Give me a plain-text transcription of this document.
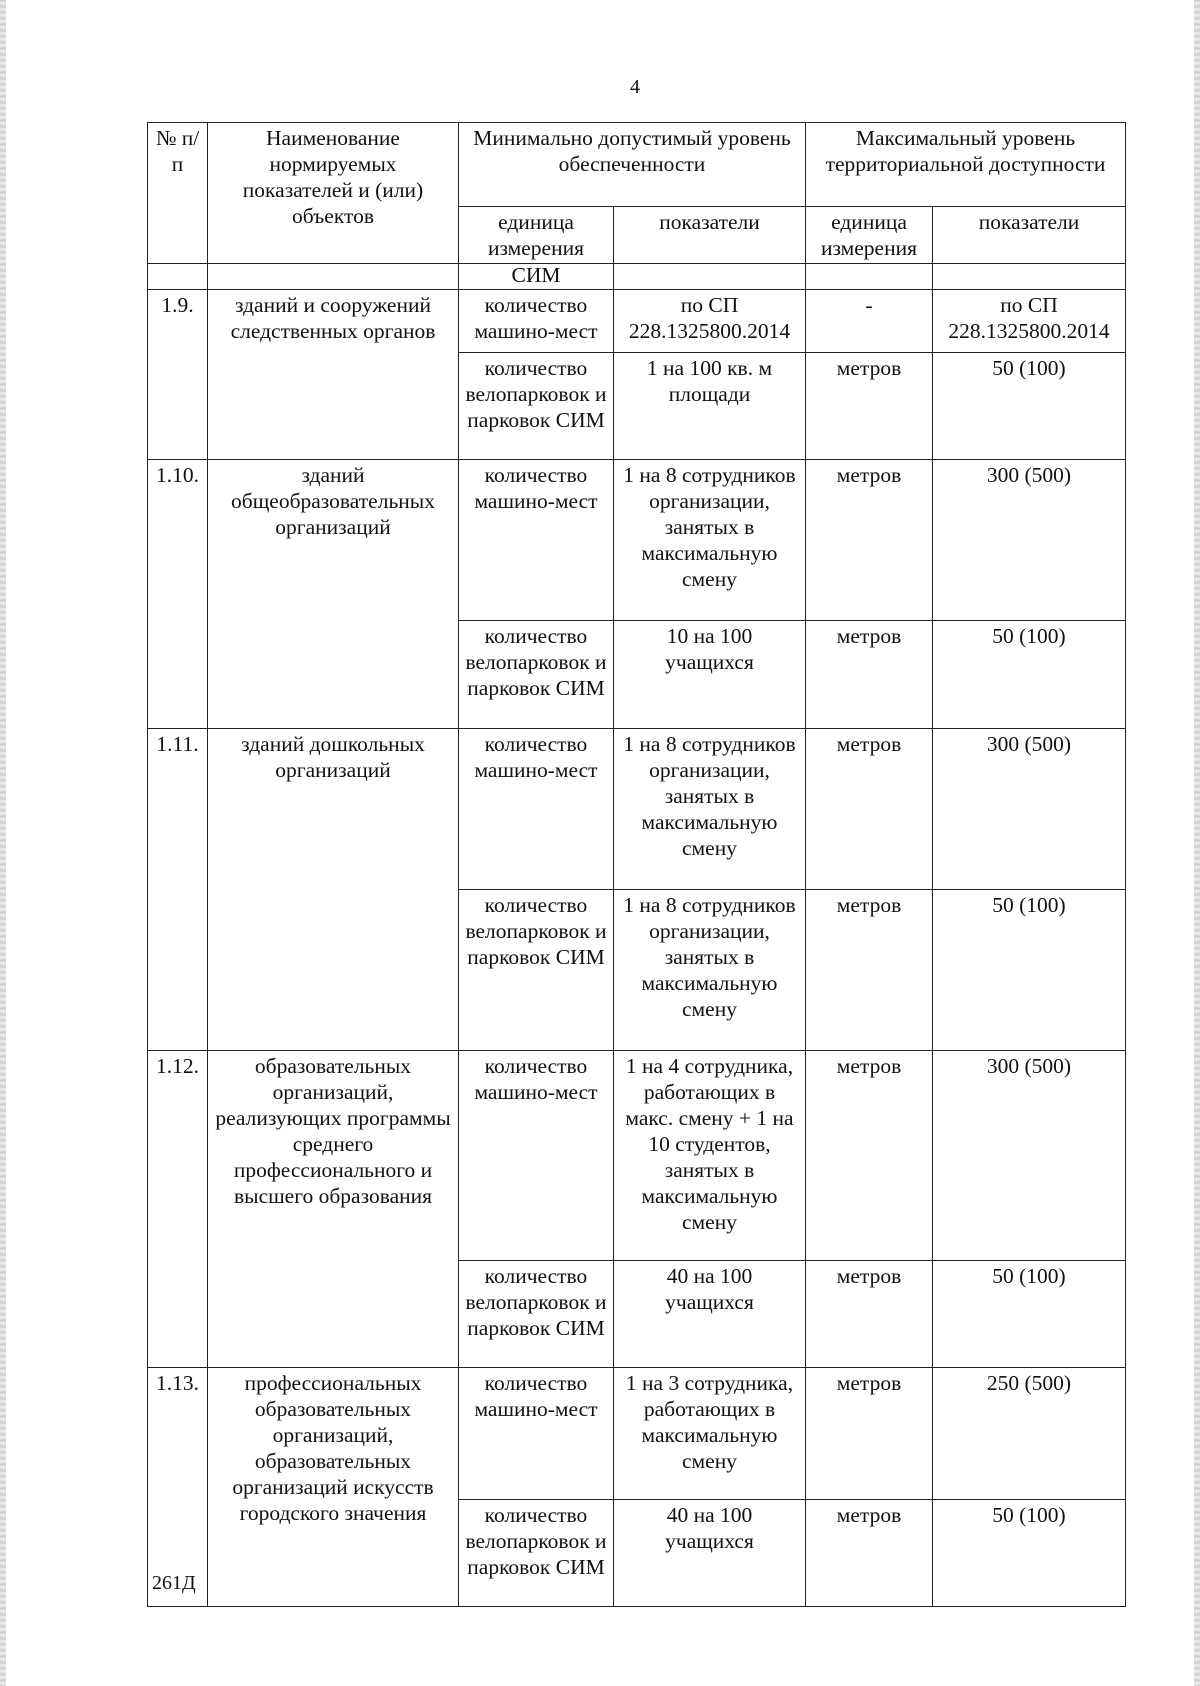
4
№ п/п	Наименование нормируемых показателей и (или) объектов	Минимально допустимый уровень обеспеченности		Максимальный уровень территориальной доступности	
		единица измерения	показатели	единица измерения	показатели
		СИМ			
1.9.	зданий и сооружений следственных органов	количество машино-мест	по СП 228.1325800.2014	-	по СП 228.1325800.2014
		количество велопарковок и парковок СИМ	1 на 100 кв. м площади	метров	50 (100)
1.10.	зданий общеобразовательных организаций	количество машино-мест	1 на 8 сотрудников организации, занятых в максимальную смену	метров	300 (500)
		количество велопарковок и парковок СИМ	10 на 100 учащихся	метров	50 (100)
1.11.	зданий дошкольных организаций	количество машино-мест	1 на 8 сотрудников организации, занятых в максимальную смену	метров	300 (500)
		количество велопарковок и парковок СИМ	1 на 8 сотрудников организации, занятых в максимальную смену	метров	50 (100)
1.12.	образовательных организаций, реализующих программы среднего профессионального и высшего образования	количество машино-мест	1 на 4 сотрудника, работающих в макс. смену + 1 на 10 студентов, занятых в максимальную смену	метров	300 (500)
		количество велопарковок и парковок СИМ	40 на 100 учащихся	метров	50 (100)
1.13.	профессиональных образовательных организаций, образовательных организаций искусств городского значения	количество машино-мест	1 на 3 сотрудника, работающих в максимальную смену	метров	250 (500)
		количество велопарковок и парковок СИМ	40 на 100 учащихся	метров	50 (100)
261Д
